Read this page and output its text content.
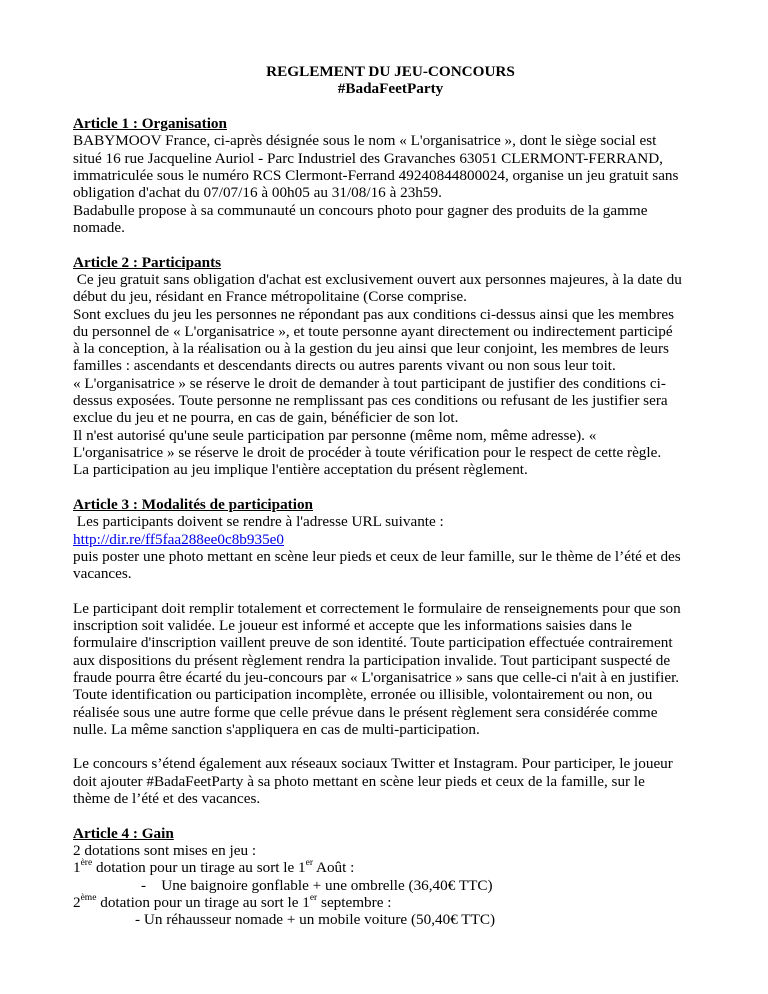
REGLEMENT DU JEU-CONCOURS

#BadaFeetParty

Article 1 : Organisation

BABYMOOV France, ci-après désignée sous le nom « L'organisatrice », dont le siège social est

situé 16 rue Jacqueline Auriol - Parc Industriel des Gravanches 63051 CLERMONT-FERRAND,

immatriculée sous le numéro RCS Clermont-Ferrand 49240844800024, organise un jeu gratuit sans

obligation d'achat du 07/07/16 à 00h05 au 31/08/16 à 23h59.

Badabulle propose à sa communauté un concours photo pour gagner des produits de la gamme

nomade.

Article 2 : Participants

Ce jeu gratuit sans obligation d'achat est exclusivement ouvert aux personnes majeures, à la date du

début du jeu, résidant en France métropolitaine (Corse comprise.

Sont exclues du jeu les personnes ne répondant pas aux conditions ci-dessus ainsi que les membres

du personnel de « L'organisatrice », et toute personne ayant directement ou indirectement participé

à la conception, à la réalisation ou à la gestion du jeu ainsi que leur conjoint, les membres de leurs

familles : ascendants et descendants directs ou autres parents vivant ou non sous leur toit.

« L'organisatrice » se réserve le droit de demander à tout participant de justifier des conditions ci-

dessus exposées. Toute personne ne remplissant pas ces conditions ou refusant de les justifier sera

exclue du jeu et ne pourra, en cas de gain, bénéficier de son lot.

Il n'est autorisé qu'une seule participation par personne (même nom, même adresse). «

L'organisatrice » se réserve le droit de procéder à toute vérification pour le respect de cette règle.

La participation au jeu implique l'entière acceptation du présent règlement.

Article 3 : Modalités de participation

Les participants doivent se rendre à l'adresse URL suivante :

http://dir.re/ff5faa288ee0c8b935e0

puis poster une photo mettant en scène leur pieds et ceux de leur famille, sur le thème de l’été et des

vacances.

Le participant doit remplir totalement et correctement le formulaire de renseignements pour que son

inscription soit validée. Le joueur est informé et accepte que les informations saisies dans le

formulaire d'inscription vaillent preuve de son identité. Toute participation effectuée contrairement

aux dispositions du présent règlement rendra la participation invalide. Tout participant suspecté de

fraude pourra être écarté du jeu-concours par « L'organisatrice » sans que celle-ci n'ait à en justifier.

Toute identification ou participation incomplète, erronée ou illisible, volontairement ou non, ou

réalisée sous une autre forme que celle prévue dans le présent règlement sera considérée comme

nulle. La même sanction s'appliquera en cas de multi-participation.

Le concours s’étend également aux réseaux sociaux Twitter et Instagram. Pour participer, le joueur

doit ajouter #BadaFeetParty à sa photo mettant en scène leur pieds et ceux de la famille, sur le

thème de l’été et des vacances.

Article 4 : Gain

2 dotations sont mises en jeu :

1ère dotation pour un tirage au sort le 1er Août :

-    Une baignoire gonflable + une ombrelle (36,40€ TTC)

2ème dotation pour un tirage au sort le 1er septembre :

- Un réhausseur nomade + un mobile voiture (50,40€ TTC)
